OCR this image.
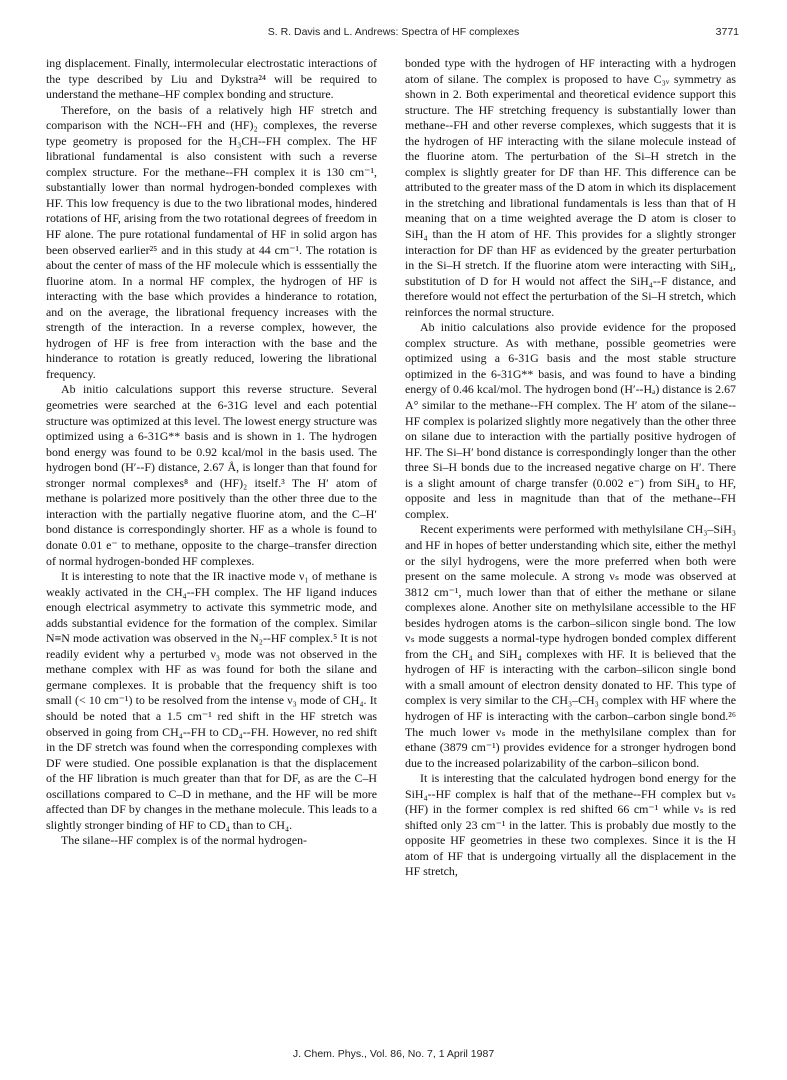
S. R. Davis and L. Andrews: Spectra of HF complexes	3771

ing displacement. Finally, intermolecular electrostatic interactions of the type described by Liu and Dykstra²⁴ will be required to understand the methane–HF complex bonding and structure.

Therefore, on the basis of a relatively high HF stretch and comparison with the NCH--FH and (HF)₂ complexes, the reverse type geometry is proposed for the H₃CH--FH complex. The HF librational fundamental is also consistent with such a reverse complex structure. For the methane--FH complex it is 130 cm⁻¹, substantially lower than normal hydrogen-bonded complexes with HF. This low frequency is due to the two librational modes, hindered rotations of HF, arising from the two rotational degrees of freedom in HF alone. The pure rotational fundamental of HF in solid argon has been observed earlier²⁵ and in this study at 44 cm⁻¹. The rotation is about the center of mass of the HF molecule which is esssentially the fluorine atom. In a normal HF complex, the hydrogen of HF is interacting with the base which provides a hinderance to rotation, and on the average, the librational frequency increases with the strength of the interaction. In a reverse complex, however, the hydrogen of HF is free from interaction with the base and the hinderance to rotation is greatly reduced, lowering the librational frequency.

Ab initio calculations support this reverse structure. Several geometries were searched at the 6-31G level and each potential structure was optimized at this level. The lowest energy structure was optimized using a 6-31G** basis and is shown in 1. The hydrogen bond energy was found to be 0.92 kcal/mol in the basis used. The hydrogen bond (H′--F) distance, 2.67 Å, is longer than that found for stronger normal complexes⁸ and (HF)₂ itself.³ The H′ atom of methane is polarized more positively than the other three due to the interaction with the partially negative fluorine atom, and the C–H′ bond distance is correspondingly shorter. HF as a whole is found to donate 0.01 e⁻ to methane, opposite to the charge–transfer direction of normal hydrogen-bonded HF complexes.

It is interesting to note that the IR inactive mode ν₁ of methane is weakly activated in the CH₄--FH complex. The HF ligand induces enough electrical asymmetry to activate this symmetric mode, and adds substantial evidence for the formation of the complex. Similar N≡N mode activation was observed in the N₂--HF complex.⁵ It is not readily evident why a perturbed ν₃ mode was not observed in the methane complex with HF as was found for both the silane and germane complexes. It is probable that the frequency shift is too small (< 10 cm⁻¹) to be resolved from the intense ν₃ mode of CH₄. It should be noted that a 1.5 cm⁻¹ red shift in the HF stretch was observed in going from CH₄--FH to CD₄--FH. However, no red shift in the DF stretch was found when the corresponding complexes with DF were studied. One possible explanation is that the displacement of the HF libration is much greater than that for DF, as are the C–H oscillations compared to C–D in methane, and the HF will be more affected than DF by changes in the methane molecule. This leads to a slightly stronger binding of HF to CD₄ than to CH₄.

The silane--HF complex is of the normal hydrogen-

bonded type with the hydrogen of HF interacting with a hydrogen atom of silane. The complex is proposed to have C₃ᵥ symmetry as shown in 2. Both experimental and theoretical evidence support this structure. The HF stretching frequency is substantially lower than methane--FH and other reverse complexes, which suggests that it is the hydrogen of HF interacting with the silane molecule instead of the fluorine atom. The perturbation of the Si–H stretch in the complex is slightly greater for DF than HF. This difference can be attributed to the greater mass of the D atom in which its displacement in the stretching and librational fundamentals is less than that of H meaning that on a time weighted average the D atom is closer to SiH₄ than the H atom of HF. This provides for a slightly stronger interaction for DF than HF as evidenced by the greater perturbation in the Si–H stretch. If the fluorine atom were interacting with SiH₄, substitution of D for H would not affect the SiH₄--F distance, and therefore would not effect the perturbation of the Si–H stretch, which reinforces the normal structure.

Ab initio calculations also provide evidence for the proposed complex structure. As with methane, possible geometries were optimized using a 6-31G basis and the most stable structure optimized in the 6-31G** basis, and was found to have a binding energy of 0.46 kcal/mol. The hydrogen bond (H′--Hₐ) distance is 2.67 A° similar to the methane--FH complex. The H′ atom of the silane--HF complex is polarized slightly more negatively than the other three on silane due to interaction with the partially positive hydrogen of HF. The Si–H′ bond distance is correspondingly longer than the other three Si–H bonds due to the increased negative charge on H′. There is a slight amount of charge transfer (0.002 e⁻) from SiH₄ to HF, opposite and less in magnitude than that of the methane--FH complex.

Recent experiments were performed with methylsilane CH₃–SiH₃ and HF in hopes of better understanding which site, either the methyl or the silyl hydrogens, were the more preferred when both were present on the same molecule. A strong νₛ mode was observed at 3812 cm⁻¹, much lower than that of either the methane or silane complexes alone. Another site on methylsilane accessible to the HF besides hydrogen atoms is the carbon–silicon single bond. The low νₛ mode suggests a normal-type hydrogen bonded complex different from the CH₄ and SiH₄ complexes with HF. It is believed that the hydrogen of HF is interacting with the carbon–silicon single bond with a small amount of electron density donated to HF. This type of complex is very similar to the CH₃–CH₃ complex with HF where the hydrogen of HF is interacting with the carbon–carbon single bond.²⁶ The much lower νₛ mode in the methylsilane complex than for ethane (3879 cm⁻¹) provides evidence for a stronger hydrogen bond due to the increased polarizability of the carbon–silicon bond.

It is interesting that the calculated hydrogen bond energy for the SiH₄--HF complex is half that of the methane--FH complex but νₛ (HF) in the former complex is red shifted 66 cm⁻¹ while νₛ is red shifted only 23 cm⁻¹ in the latter. This is probably due mostly to the opposite HF geometries in these two complexes. Since it is the H atom of HF that is undergoing virtually all the displacement in the HF stretch,

J. Chem. Phys., Vol. 86, No. 7, 1 April 1987
